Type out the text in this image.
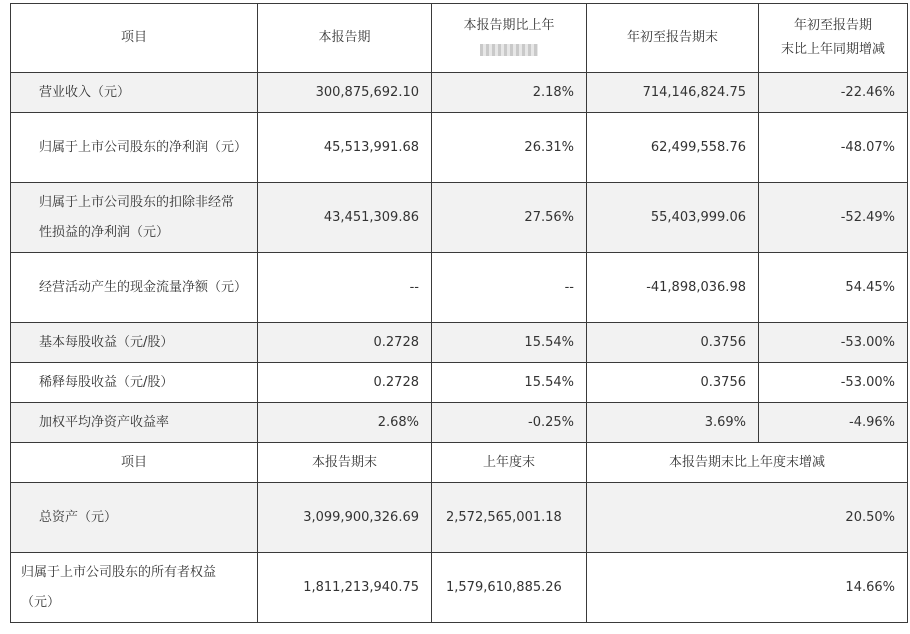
项目	本报告期	本报告期比上年	年初至报告期末	年初至报告期
末比上年同期增减

营业收入（元）	300,875,692.10	2.18%	714,146,824.75	-22.46%
归属于上市公司股东的净利润（元）	45,513,991.68	26.31%	62,499,558.76	-48.07%
归属于上市公司股东的扣除非经常性损益的净利润（元）	43,451,309.86	27.56%	55,403,999.06	-52.49%
经营活动产生的现金流量净额（元）	--	--	-41,898,036.98	54.45%
基本每股收益（元/股）	0.2728	15.54%	0.3756	-53.00%
稀释每股收益（元/股）	0.2728	15.54%	0.3756	-53.00%
加权平均净资产收益率	2.68%	-0.25%	3.69%	-4.96%
项目	本报告期末	上年度末	本报告期末比上年度末增减	
总资产（元）	3,099,900,326.69	2,572,565,001.18	20.50%	
归属于上市公司股东的所有者权益（元）	1,811,213,940.75	1,579,610,885.26	14.66%	
